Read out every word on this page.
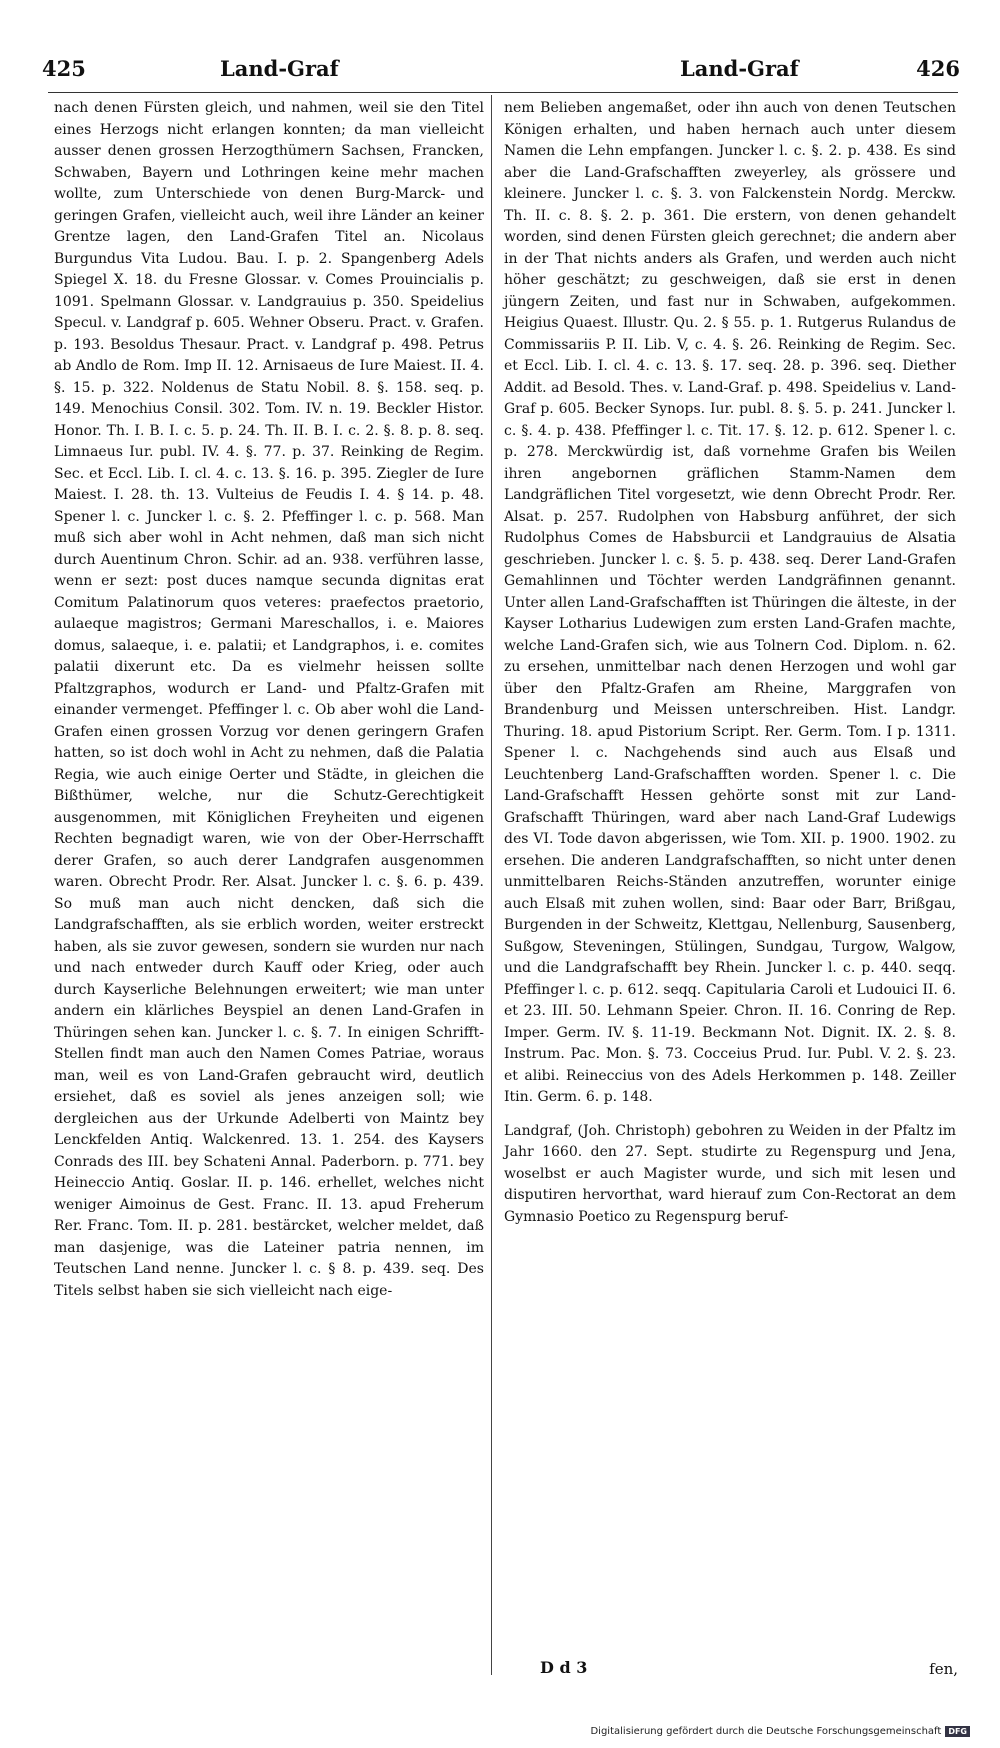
425	Land-Graf	Land-Graf	426

nach denen Fürsten gleich, und nahmen, weil sie den Titel eines Herzogs nicht erlangen konnten; da man vielleicht ausser denen grossen Herzogthümern Sachsen, Francken, Schwaben, Bayern und Lothringen keine mehr machen wollte, zum Unterschiede von denen Burg-Marck- und geringen Grafen, vielleicht auch, weil ihre Länder an keiner Grentze lagen, den Land-Grafen Titel an. Nicolaus Burgundus Vita Ludou. Bau. I. p. 2. Spangenberg Adels Spiegel X. 18. du Fresne Glossar. v. Comes Prouincialis p. 1091. Spelmann Glossar. v. Landgrauius p. 350. Speidelius Specul. v. Landgraf p. 605. Wehner Obseru. Pract. v. Grafen. p. 193. Besoldus Thesaur. Pract. v. Landgraf p. 498. Petrus ab Andlo de Rom. Imp II. 12. Arnisaeus de Iure Maiest. II. 4. §. 15. p. 322. Noldenus de Statu Nobil. 8. §. 158. seq. p. 149. Menochius Consil. 302. Tom. IV. n. 19. Beckler Histor. Honor. Th. I. B. I. c. 5. p. 24. Th. II. B. I. c. 2. §. 8. p. 8. seq. Limnaeus Iur. publ. IV. 4. §. 77. p. 37. Reinking de Regim. Sec. et Eccl. Lib. I. cl. 4. c. 13. §. 16. p. 395. Ziegler de Iure Maiest. I. 28. th. 13. Vulteius de Feudis I. 4. § 14. p. 48. Spener l. c. Juncker l. c. §. 2. Pfeffinger l. c. p. 568. Man muß sich aber wohl in Acht nehmen, daß man sich nicht durch Auentinum Chron. Schir. ad an. 938. verführen lasse, wenn er sezt: post duces namque secunda dignitas erat Comitum Palatinorum quos veteres: praefectos praetorio, aulaeque magistros; Germani Mareschallos, i. e. Maiores domus, salaeque, i. e. palatii; et Landgraphos, i. e. comites palatii dixerunt etc. Da es vielmehr heissen sollte Pfaltzgraphos, wodurch er Land- und Pfaltz-Grafen mit einander vermenget. Pfeffinger l. c. Ob aber wohl die Land-Grafen einen grossen Vorzug vor denen geringern Grafen hatten, so ist doch wohl in Acht zu nehmen, daß die Palatia Regia, wie auch einige Oerter und Städte, in gleichen die Bißthümer, welche, nur die Schutz-Gerechtigkeit ausgenommen, mit Königlichen Freyheiten und eigenen Rechten begnadigt waren, wie von der Ober-Herrschafft derer Grafen, so auch derer Landgrafen ausgenommen waren. Obrecht Prodr. Rer. Alsat. Juncker l. c. §. 6. p. 439. So muß man auch nicht dencken, daß sich die Landgrafschafften, als sie erblich worden, weiter erstreckt haben, als sie zuvor gewesen, sondern sie wurden nur nach und nach entweder durch Kauff oder Krieg, oder auch durch Kayserliche Belehnungen erweitert; wie man unter andern ein klärliches Beyspiel an denen Land-Grafen in Thüringen sehen kan. Juncker l. c. §. 7. In einigen Schrifft-Stellen findt man auch den Namen Comes Patriae, woraus man, weil es von Land-Grafen gebraucht wird, deutlich ersiehet, daß es soviel als jenes anzeigen soll; wie dergleichen aus der Urkunde Adelberti von Maintz bey Lenckfelden Antiq. Walckenred. 13. 1. 254. des Kaysers Conrads des III. bey Schateni Annal. Paderborn. p. 771. bey Heineccio Antiq. Goslar. II. p. 146. erhellet, welches nicht weniger Aimoinus de Gest. Franc. II. 13. apud Freherum Rer. Franc. Tom. II. p. 281. bestärcket, welcher meldet, daß man dasjenige, was die Lateiner patria nennen, im Teutschen Land nenne. Juncker l. c. § 8. p. 439. seq. Des Titels selbst haben sie sich vielleicht nach eige-

nem Belieben angemaßet, oder ihn auch von denen Teutschen Königen erhalten, und haben hernach auch unter diesem Namen die Lehn empfangen. Juncker l. c. §. 2. p. 438. Es sind aber die Land-Grafschafften zweyerley, als grössere und kleinere. Juncker l. c. §. 3. von Falckenstein Nordg. Merckw. Th. II. c. 8. §. 2. p. 361. Die erstern, von denen gehandelt worden, sind denen Fürsten gleich gerechnet; die andern aber in der That nichts anders als Grafen, und werden auch nicht höher geschätzt; zu geschweigen, daß sie erst in denen jüngern Zeiten, und fast nur in Schwaben, aufgekommen. Heigius Quaest. Illustr. Qu. 2. § 55. p. 1. Rutgerus Rulandus de Commissariis P. II. Lib. V, c. 4. §. 26. Reinking de Regim. Sec. et Eccl. Lib. I. cl. 4. c. 13. §. 17. seq. 28. p. 396. seq. Diether Addit. ad Besold. Thes. v. Land-Graf. p. 498. Speidelius v. Land-Graf p. 605. Becker Synops. Iur. publ. 8. §. 5. p. 241. Juncker l. c. §. 4. p. 438. Pfeffinger l. c. Tit. 17. §. 12. p. 612. Spener l. c. p. 278. Merckwürdig ist, daß vornehme Grafen bis Weilen ihren angebornen gräflichen Stamm-Namen dem Landgräflichen Titel vorgesetzt, wie denn Obrecht Prodr. Rer. Alsat. p. 257. Rudolphen von Habsburg anführet, der sich Rudolphus Comes de Habsburcii et Landgrauius de Alsatia geschrieben. Juncker l. c. §. 5. p. 438. seq. Derer Land-Grafen Gemahlinnen und Töchter werden Landgräfinnen genannt. Unter allen Land-Grafschafften ist Thüringen die älteste, in der Kayser Lotharius Ludewigen zum ersten Land-Grafen machte, welche Land-Grafen sich, wie aus Tolnern Cod. Diplom. n. 62. zu ersehen, unmittelbar nach denen Herzogen und wohl gar über den Pfaltz-Grafen am Rheine, Marggrafen von Brandenburg und Meissen unterschreiben. Hist. Landgr. Thuring. 18. apud Pistorium Script. Rer. Germ. Tom. I p. 1311. Spener l. c. Nachgehends sind auch aus Elsaß und Leuchtenberg Land-Grafschafften worden. Spener l. c. Die Land-Grafschafft Hessen gehörte sonst mit zur Land-Grafschafft Thüringen, ward aber nach Land-Graf Ludewigs des VI. Tode davon abgerissen, wie Tom. XII. p. 1900. 1902. zu ersehen. Die anderen Landgrafschafften, so nicht unter denen unmittelbaren Reichs-Ständen anzutreffen, worunter einige auch Elsaß mit zuhen wollen, sind: Baar oder Barr, Brißgau, Burgenden in der Schweitz, Klettgau, Nellenburg, Sausenberg, Sußgow, Steveningen, Stülingen, Sundgau, Turgow, Walgow, und die Landgrafschafft bey Rhein. Juncker l. c. p. 440. seqq. Pfeffinger l. c. p. 612. seqq. Capitularia Caroli et Ludouici II. 6. et 23. III. 50. Lehmann Speier. Chron. II. 16. Conring de Rep. Imper. Germ. IV. §. 11-19. Beckmann Not. Dignit. IX. 2. §. 8. Instrum. Pac. Mon. §. 73. Cocceius Prud. Iur. Publ. V. 2. §. 23. et alibi. Reineccius von des Adels Herkommen p. 148. Zeiller Itin. Germ. 6. p. 148.

Landgraf, (Joh. Christoph) gebohren zu Weiden in der Pfaltz im Jahr 1660. den 27. Sept. studirte zu Regenspurg und Jena, woselbst er auch Magister wurde, und sich mit lesen und disputiren hervorthat, ward hierauf zum Con-Rectorat an dem Gymnasio Poetico zu Regenspurg beruf-

D d 3	fen,
Digitalisierung gefördert durch die Deutsche Forschungsgemeinschaft DFG
